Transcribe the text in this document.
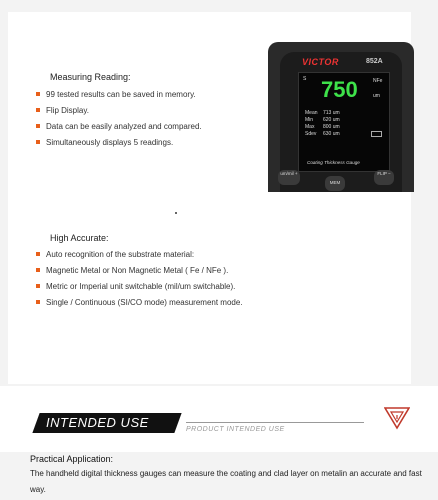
Measuring Reading:
99 tested results can be saved in memory.
Flip Display.
Data can be easily analyzed and compared.
Simultaneously displays 5 readings.
High Accurate:
Auto recognition of the substrate material:
Magnetic Metal or Non Magnetic Metal ( Fe / NFe ).
Metric or Imperial unit switchable (mil/um switchable).
Single / Continuous (SI/CO mode) measurement mode.
VICTOR	852A
S	NFe
750	um
Mean	713 um
Min	620 um
Max	800 um
Sdev	630 um
Coating Thickness Gauge
um/mil +
MEM
FLIP −
INTENDED USE	PRODUCT INTENDED USE
Practical Application:
The handheld digital thickness gauges can measure the coating and clad layer on metalin an accurate and fast way.
